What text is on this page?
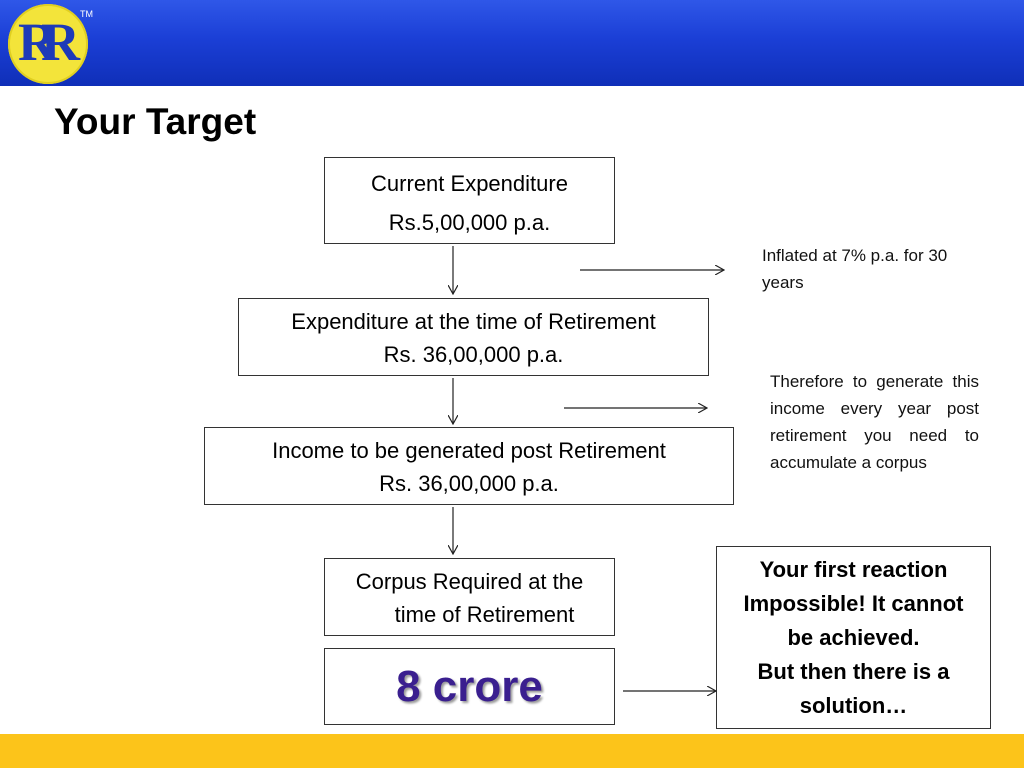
RR	TM
Your Target
Current Expenditure
Rs.5,00,000 p.a.
Expenditure at the time of Retirement
Rs. 36,00,000 p.a.
Income to be generated post Retirement
Rs. 36,00,000 p.a.
Corpus Required at the
time of Retirement
8 crore
Your first reaction
Impossible! It cannot
be achieved.
But then there is a
solution…
Inflated at 7% p.a. for 30 years
Therefore to generate this income every year post retirement you need to accumulate a corpus
